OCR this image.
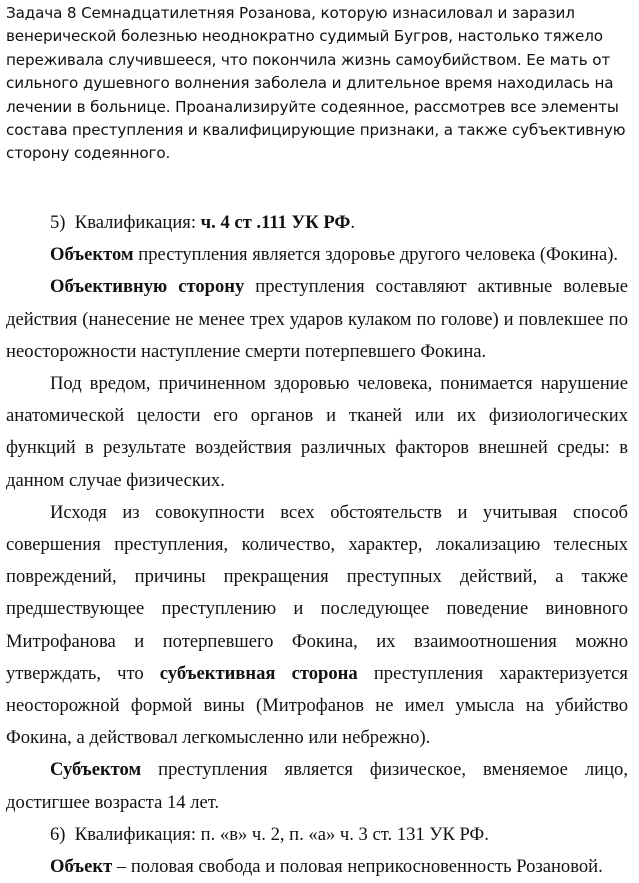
Задача 8 Семнадцатилетняя Розанова, которую изнасиловал и заразил венерической болезнью неоднократно судимый Бугров, настолько тяжело переживала случившееся, что покончила жизнь самоубийством. Ее мать от сильного душевного волнения заболела и длительное время находилась на лечении в больнице. Проанализируйте содеянное, рассмотрев все элементы состава преступления и квалифицирующие признаки, а также субъективную сторону содеянного.

5) Квалификация: ч. 4 ст .111 УК РФ.

Объектом преступления является здоровье другого человека (Фокина).

Объективную сторону преступления составляют активные волевые действия (нанесение не менее трех ударов кулаком по голове) и повлекшее по неосторожности наступление смерти потерпевшего Фокина.

Под вредом, причиненном здоровью человека, понимается нарушение анатомической целости его органов и тканей или их физиологических функций в результате воздействия различных факторов внешней среды: в данном случае физических.

Исходя из совокупности всех обстоятельств и учитывая способ совершения преступления, количество, характер, локализацию телесных повреждений, причины прекращения преступных действий, а также предшествующее преступлению и последующее поведение виновного Митрофанова и потерпевшего Фокина, их взаимоотношения можно утверждать, что субъективная сторона преступления характеризуется неосторожной формой вины (Митрофанов не имел умысла на убийство Фокина, а действовал легкомысленно или небрежно).

Субъектом преступления является физическое, вменяемое лицо, достигшее возраста 14 лет.

6) Квалификация: п. «в» ч. 2, п. «а» ч. 3 ст. 131 УК РФ.

Объект – половая свобода и половая неприкосновенность Розановой.
